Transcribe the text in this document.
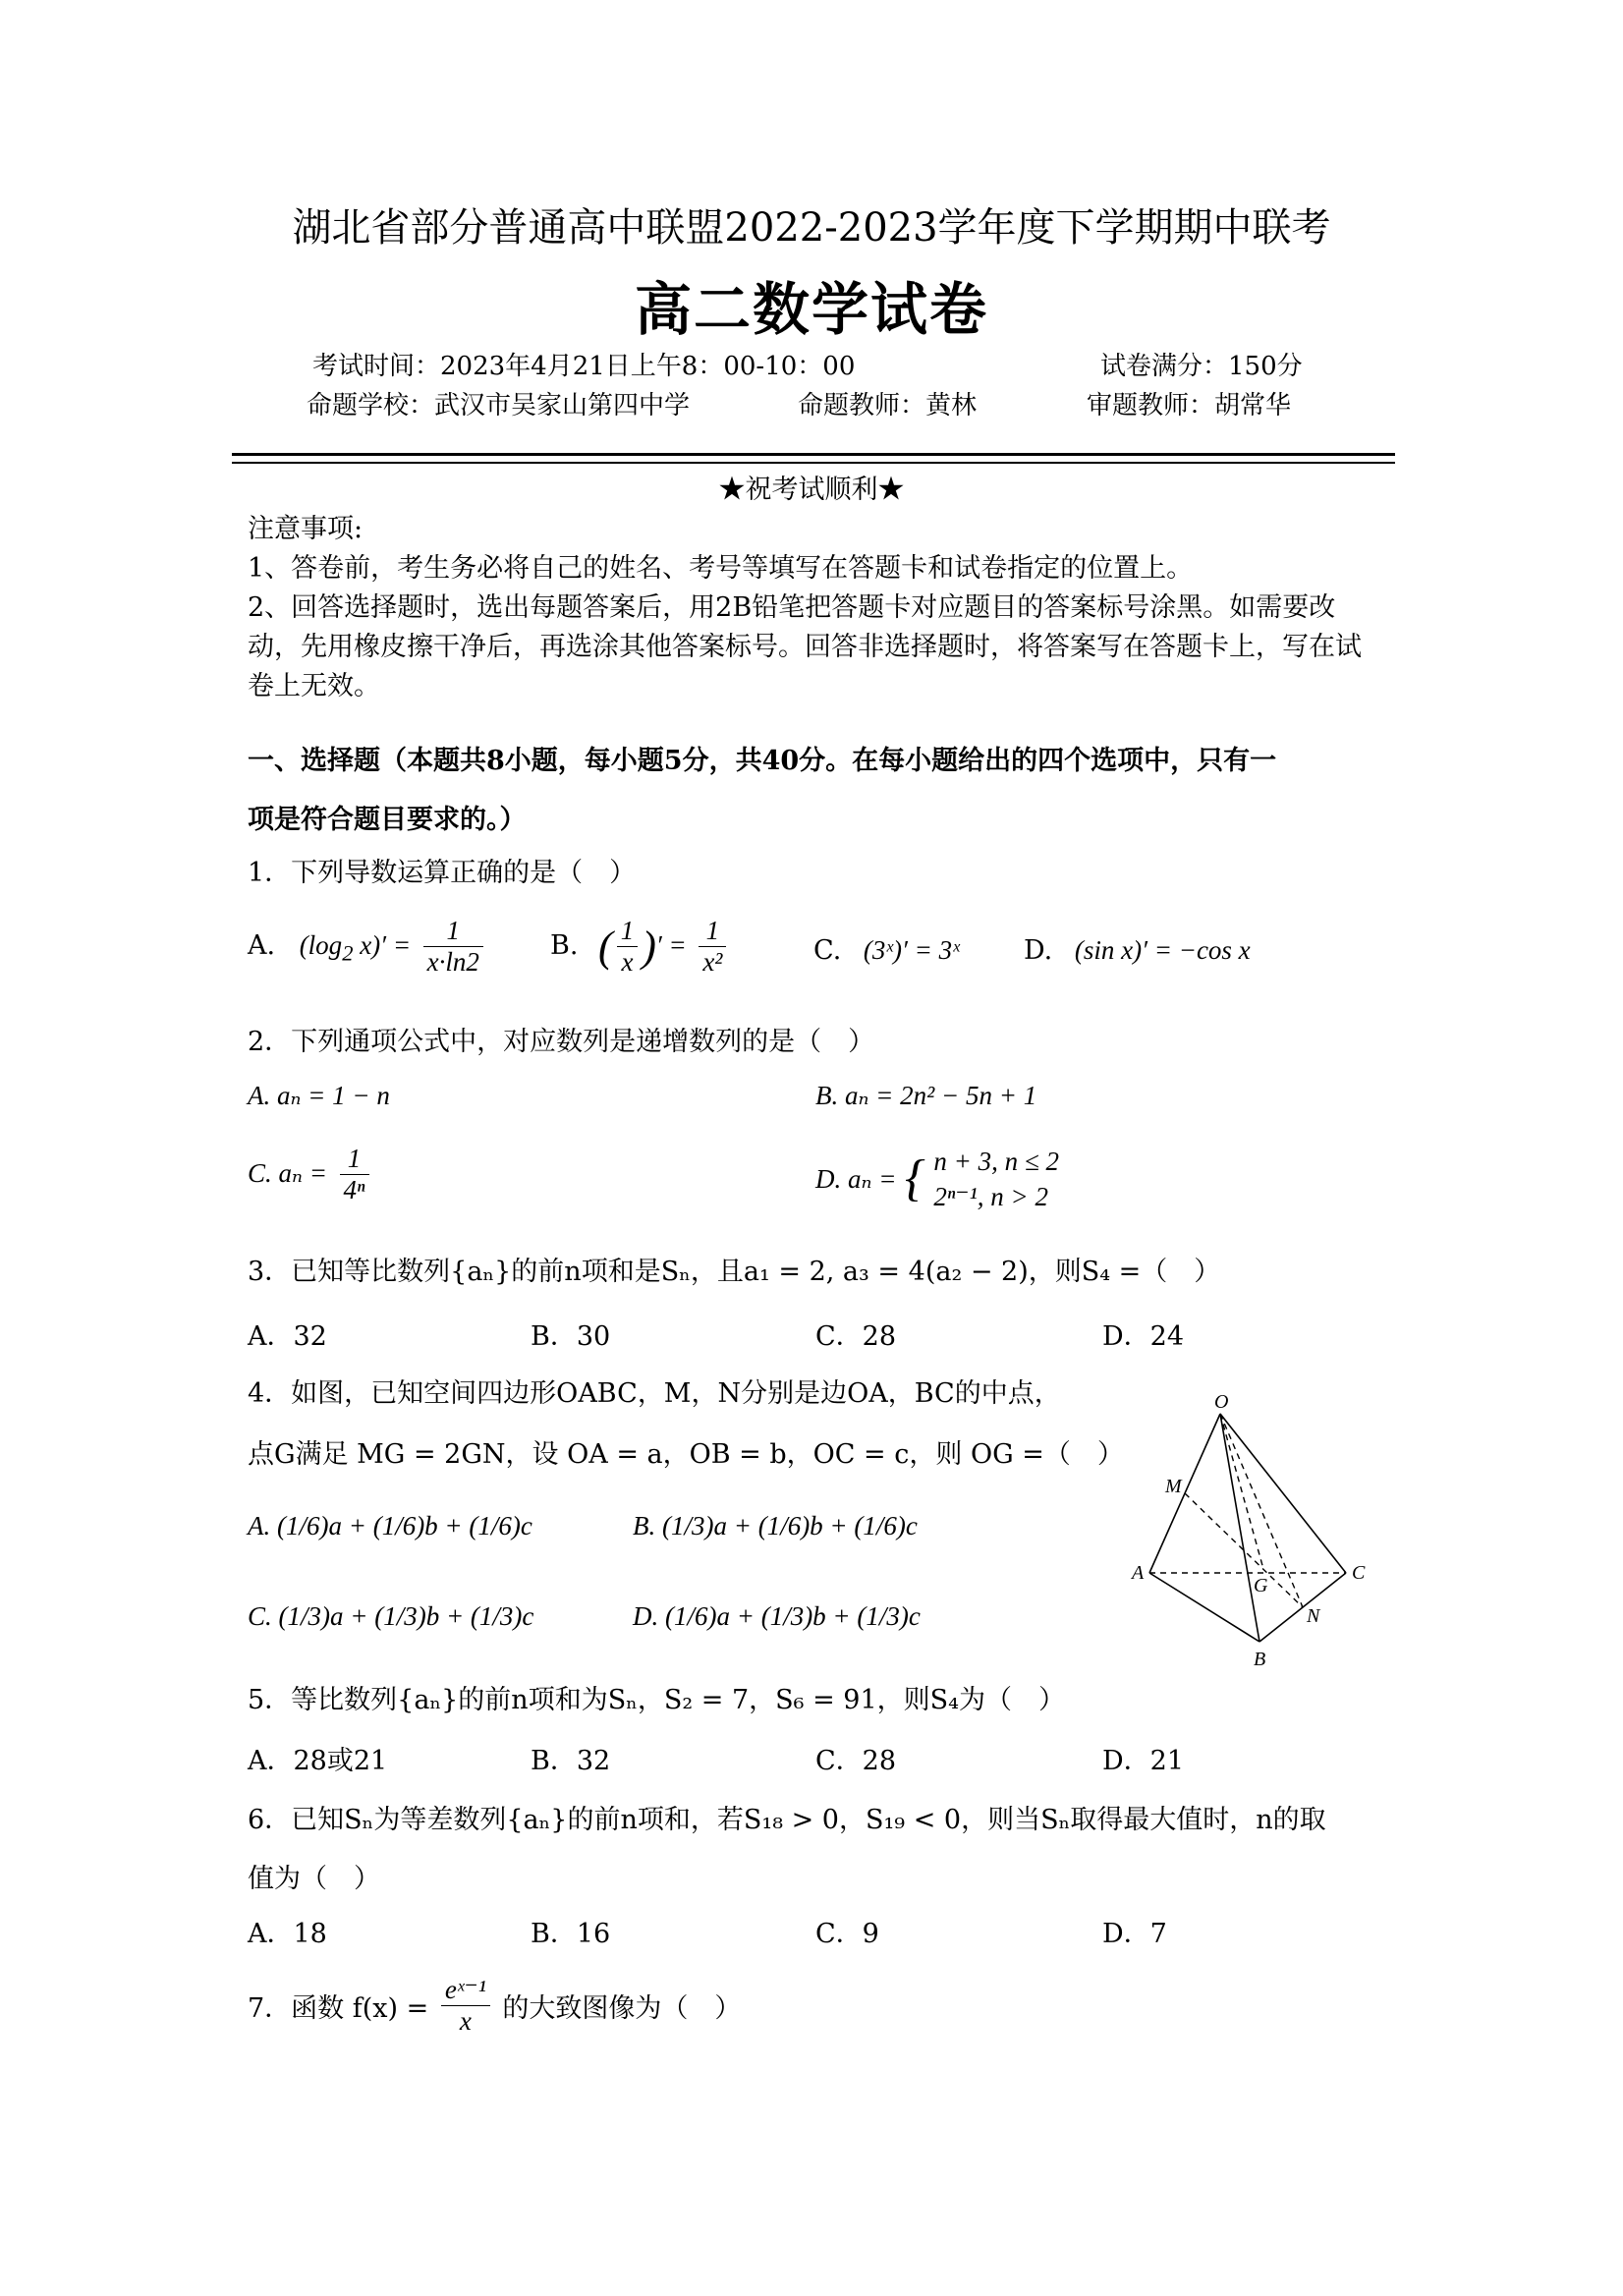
湖北省部分普通高中联盟2022-2023学年度下学期期中联考
高二数学试卷
考试时间：2023年4月21日上午8：00-10：00	试卷满分：150分
命题学校：武汉市吴家山第四中学	命题教师：黄林	审题教师：胡常华
★祝考试顺利★
注意事项:
1、答卷前，考生务必将自己的姓名、考号等填写在答题卡和试卷指定的位置上。
2、回答选择题时，选出每题答案后，用2B铅笔把答题卡对应题目的答案标号涂黑。如需要改
动，先用橡皮擦干净后，再选涂其他答案标号。回答非选择题时，将答案写在答题卡上，写在试
卷上无效。
一、选择题（本题共8小题，每小题5分，共40分。在每小题给出的四个选项中，只有一
项是符合题目要求的。）
1．下列导数运算正确的是（　）
A. ($\log_2$ $x)' = \frac{1}{x\cdot\ln 2}$	B. ( $\frac{1}{x}$ )′ = $\frac{1}{\text{x²}}$	C. (3ˣ)′ = 3ˣ D. (sin x)′ = −cos x
2．下列通项公式中，对应数列是递增数列的是（　）
A. aₙ = 1 − n	B. aₙ = 2n² − 5n + 1
C. $a_n = \frac{1}{\text{4ⁿ}}$	D. aₙ = { n + 3, n ≤ 2
2ⁿ⁻¹, n > 2
3．已知等比数列{aₙ}的前n项和是Sₙ，且a₁ = 2, a₃ = 4(a₂ − 2)，则S₄ =（　）
A．32	B．30	C．28	D．24
4．如图，已知空间四边形OABC，M，N分别是边OA，BC的中点，
点G满足 MG = 2GN，设 OA = a，OB = b，OC = c，则 OG =（　）
A. (1/6)a + (1/6)b + (1/6)c	B. (1/3)a + (1/6)b + (1/6)c
C. (1/3)a + (1/3)b + (1/3)c	D. (1/6)a + (1/3)b + (1/3)c
O
A
B
C
M
N
G
5．等比数列{aₙ}的前n项和为Sₙ，S₂ = 7，S₆ = 91，则S₄为（　）
A．28或21	B．32	C．28	D．21
6．已知Sₙ为等差数列{aₙ}的前n项和，若S₁₈ > 0，S₁₉ < 0，则当Sₙ取得最大值时，n的取
值为（　）
A．18	B．16	C．9	D．7
7．函数 $f(x) = \frac{\text{eˣ⁻¹}}{x}$ 的大致图像为（　）
